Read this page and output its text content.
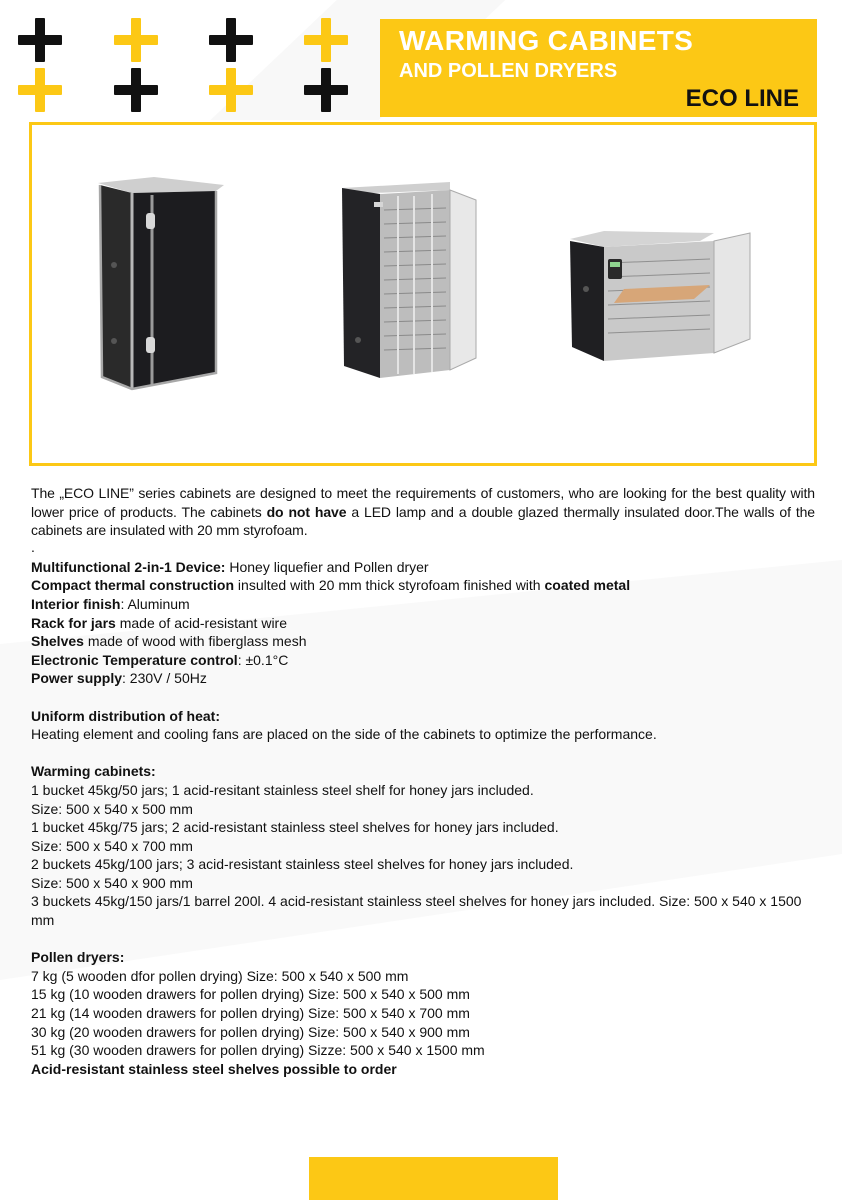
WARMING CABINETS
AND POLLEN DRYERS
ECO LINE

The „ECO LINE” series cabinets are designed to meet the requirements of customers, who are looking for the best quality with lower price of products. The cabinets do not have a LED lamp and a double glazed thermally insulated door.The walls of the cabinets are insulated with 20 mm styrofoam.

.

Multifunctional 2-in-1 Device: Honey liquefier and Pollen dryer

Compact thermal construction insulted with 20 mm thick styrofoam finished with coated metal

Interior finish: Aluminum

Rack for jars made of acid-resistant wire

Shelves made of wood with fiberglass mesh

Electronic Temperature control: ±0.1°C

Power supply: 230V / 50Hz

Uniform distribution of heat:

Heating element and cooling fans are placed on the side of the cabinets to optimize the performance.

Warming cabinets:

1 bucket 45kg/50 jars; 1 acid-resitant stainless steel shelf for honey jars included.

Size: 500 x 540 x 500 mm

1 bucket 45kg/75 jars; 2 acid-resistant stainless steel shelves for honey jars included.

Size: 500 x 540 x 700 mm

2 buckets 45kg/100 jars; 3 acid-resistant stainless steel shelves for honey jars included.

Size: 500 x 540 x 900 mm

3 buckets 45kg/150 jars/1 barrel 200l. 4 acid-resistant stainless steel shelves for honey jars included. Size: 500 x 540 x 1500 mm

Pollen dryers:

7 kg (5 wooden dfor pollen drying) Size: 500 x 540 x 500 mm

15 kg (10 wooden drawers for pollen drying) Size: 500 x 540 x 500 mm

21 kg (14 wooden drawers for pollen drying) Size: 500 x 540 x 700 mm

30 kg (20 wooden drawers for pollen drying) Size: 500 x 540 x 900 mm

51 kg (30 wooden drawers for pollen drying) Sizze: 500 x 540 x 1500 mm

Acid-resistant stainless steel shelves possible to order
